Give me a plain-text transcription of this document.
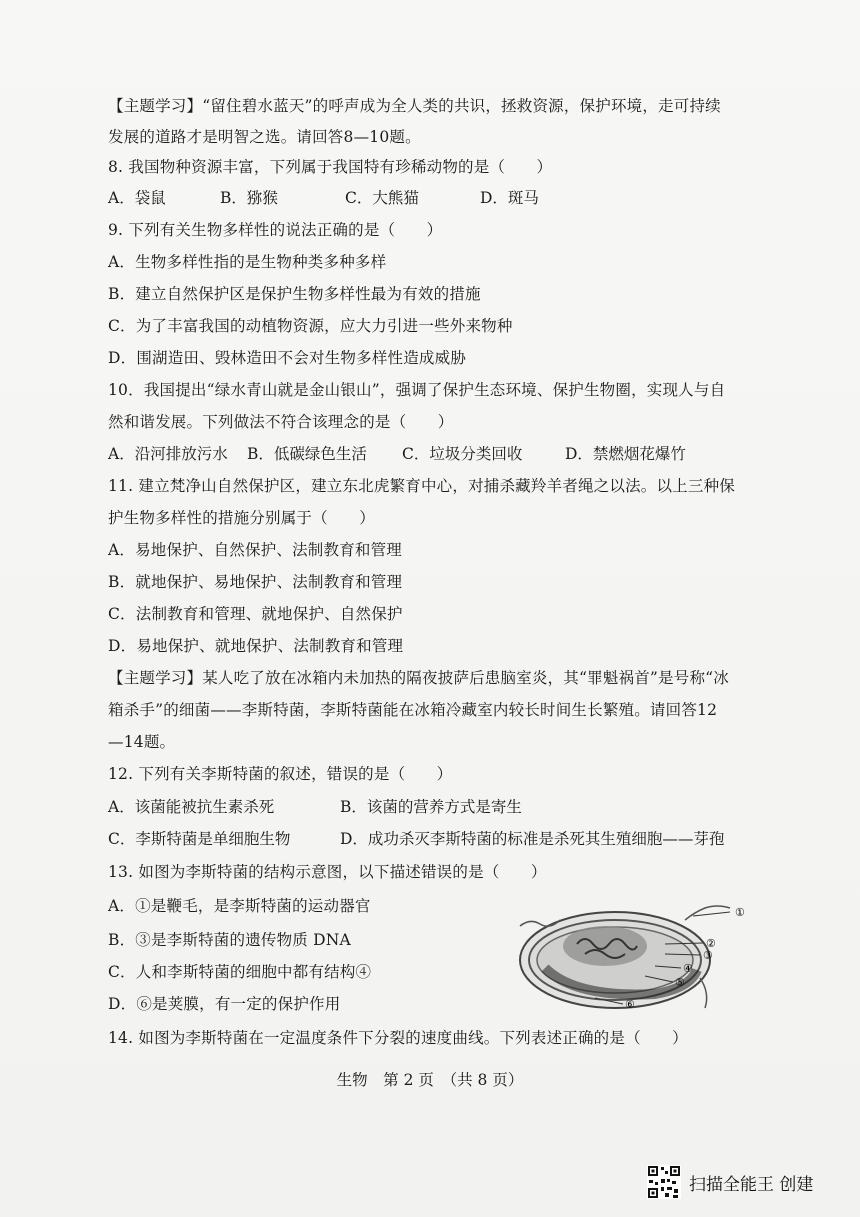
【主题学习】“留住碧水蓝天”的呼声成为全人类的共识，拯救资源，保护环境，走可持续
发展的道路才是明智之选。请回答8—10题。
8. 我国物种资源丰富，下列属于我国特有珍稀动物的是（　　）
A．袋鼠	B．猕猴	C．大熊猫	D．斑马
9. 下列有关生物多样性的说法正确的是（　　）
A．生物多样性指的是生物种类多种多样
B．建立自然保护区是保护生物多样性最为有效的措施
C．为了丰富我国的动植物资源，应大力引进一些外来物种
D．围湖造田、毁林造田不会对生物多样性造成威胁
10．我国提出“绿水青山就是金山银山”，强调了保护生态环境、保护生物圈，实现人与自
然和谐发展。下列做法不符合该理念的是（　　）
A．沿河排放污水 B．低碳绿色生活 C．垃圾分类回收	D．禁燃烟花爆竹
11. 建立梵净山自然保护区，建立东北虎繁育中心，对捕杀藏羚羊者绳之以法。以上三种保
护生物多样性的措施分别属于（　　）
A．易地保护、自然保护、法制教育和管理
B．就地保护、易地保护、法制教育和管理
C．法制教育和管理、就地保护、自然保护
D．易地保护、就地保护、法制教育和管理
【主题学习】某人吃了放在冰箱内未加热的隔夜披萨后患脑室炎，其“罪魁祸首”是号称“冰
箱杀手”的细菌——李斯特菌，李斯特菌能在冰箱冷藏室内较长时间生长繁殖。请回答12
—14题。
12. 下列有关李斯特菌的叙述，错误的是（　　）
A．该菌能被抗生素杀死	B．该菌的营养方式是寄生
C．李斯特菌是单细胞生物	D．成功杀灭李斯特菌的标准是杀死其生殖细胞——芽孢
13. 如图为李斯特菌的结构示意图，以下描述错误的是（　　）
A．①是鞭毛，是李斯特菌的运动器官
B．③是李斯特菌的遗传物质 DNA
C．人和李斯特菌的细胞中都有结构④
D．⑥是荚膜，有一定的保护作用
①
②
③
④
⑤
⑥
14. 如图为李斯特菌在一定温度条件下分裂的速度曲线。下列表述正确的是（　　）
生物　第 2 页　（共 8 页）
扫描全能王 创建
